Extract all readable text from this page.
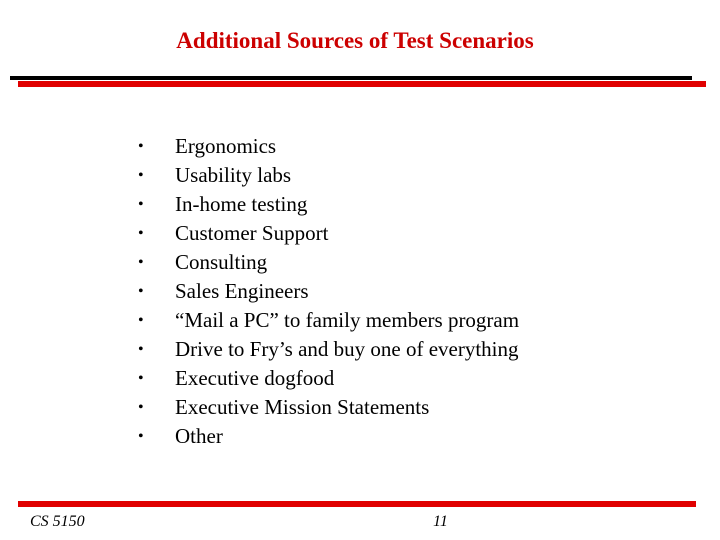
Additional Sources of Test Scenarios
• Ergonomics
• Usability labs
• In-home testing
• Customer Support
• Consulting
• Sales Engineers
• “Mail a PC” to family members program
• Drive to Fry’s and buy one of everything
• Executive dogfood
• Executive Mission Statements
• Other
CS 5150	11
